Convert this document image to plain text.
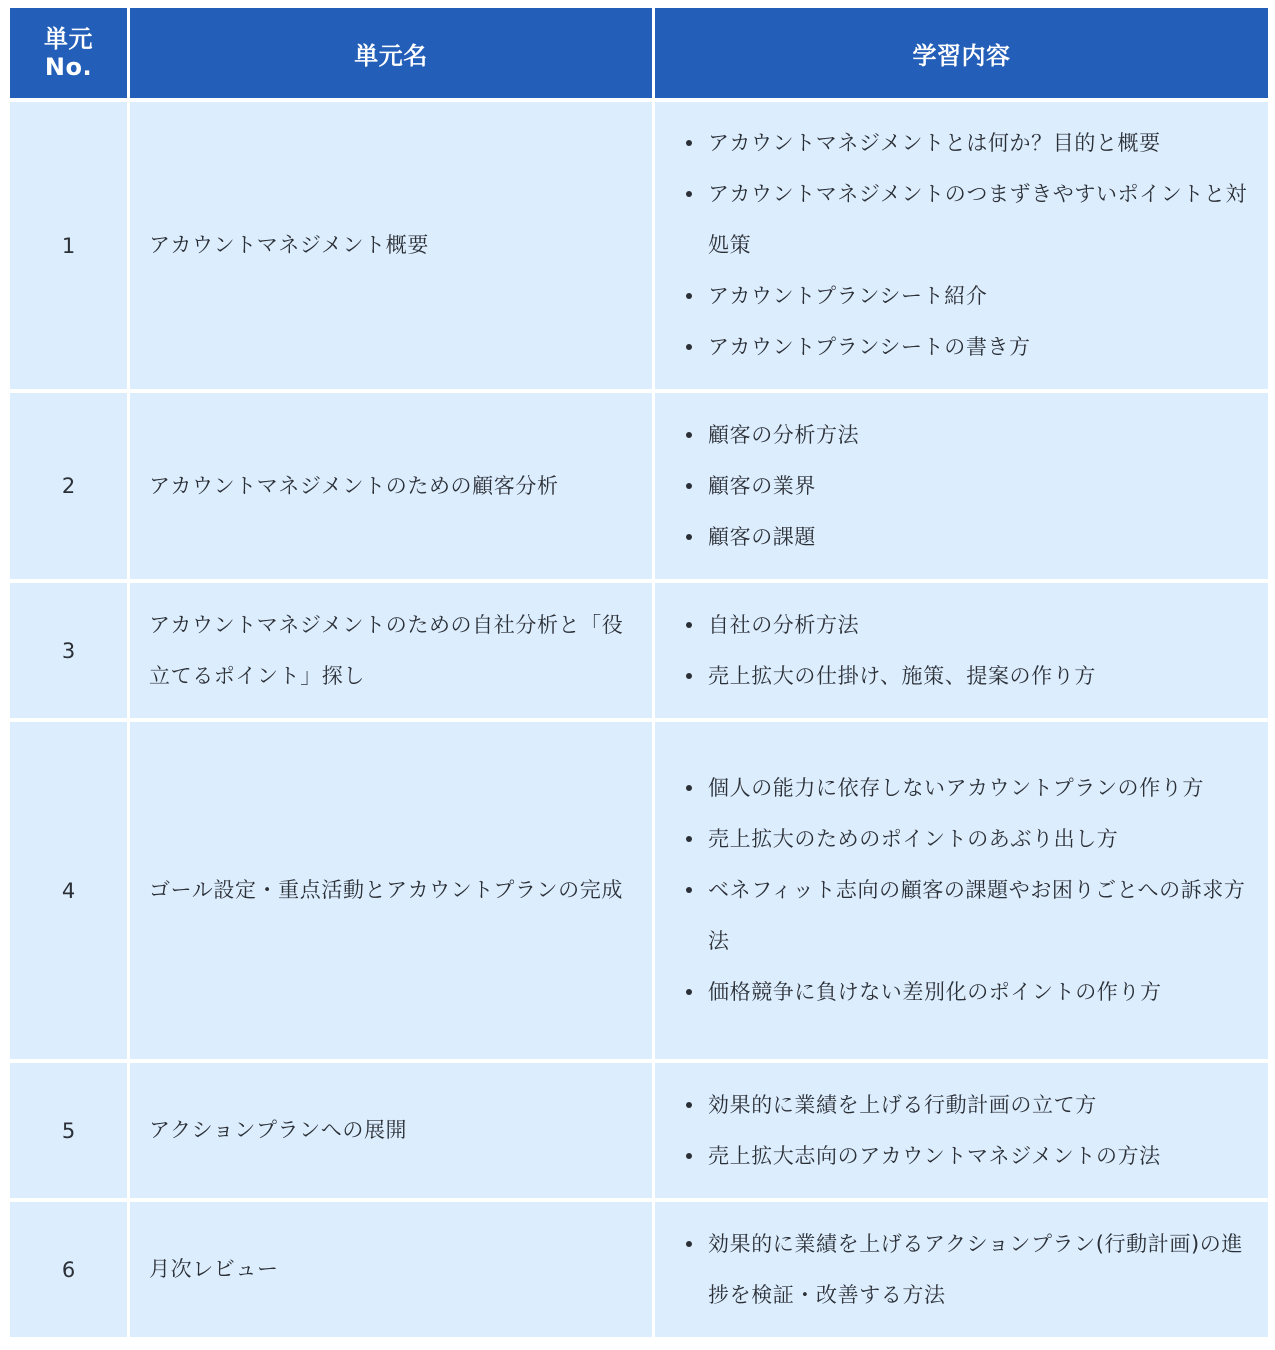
単元
No.	単元名	学習内容
1	アカウントマネジメント概要	
アカウントマネジメントとは何か？目的と概要
アカウントマネジメントのつまずきやすいポイントと対処策
アカウントプランシート紹介
アカウントプランシートの書き方

2	アカウントマネジメントのための顧客分析	
顧客の分析方法
顧客の業界
顧客の課題

3	アカウントマネジメントのための自社分析と「役立てるポイント」探し	
自社の分析方法
売上拡大の仕掛け、施策、提案の作り方

4	ゴール設定・重点活動とアカウントプランの完成	
個人の能力に依存しないアカウントプランの作り方
売上拡大のためのポイントのあぶり出し方
ベネフィット志向の顧客の課題やお困りごとへの訴求方法
価格競争に負けない差別化のポイントの作り方

5	アクションプランへの展開	
効果的に業績を上げる行動計画の立て方
売上拡大志向のアカウントマネジメントの方法

6	月次レビュー	
効果的に業績を上げるアクションプラン(行動計画)の進捗を検証・改善する方法
